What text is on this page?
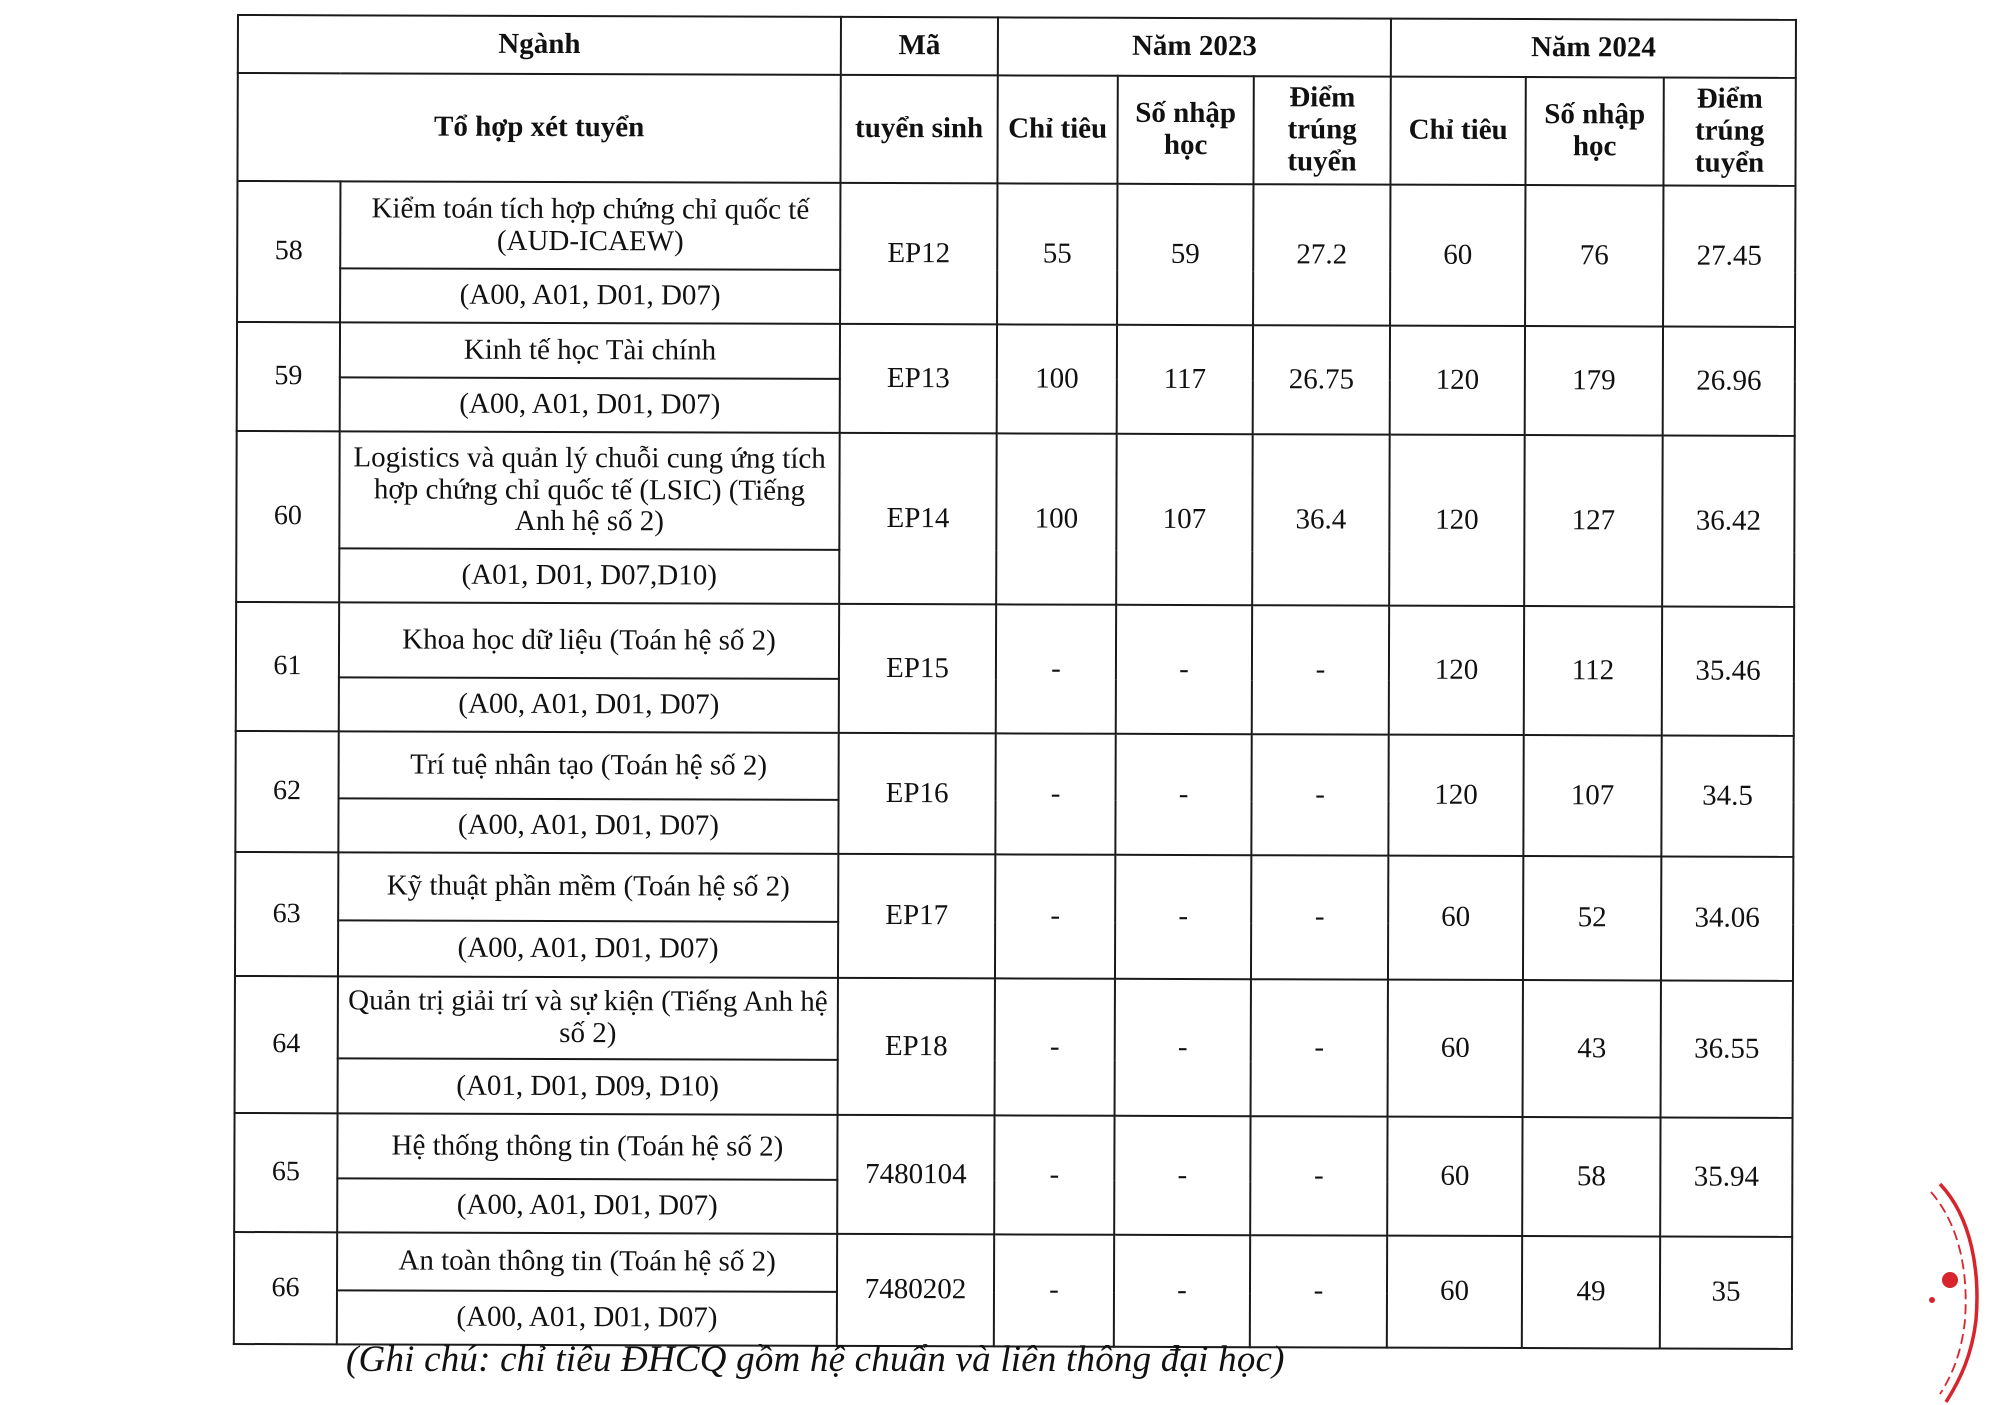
Ngành		Mã	Năm 2023			Năm 2024		
Tổ hợp xét tuyển		tuyển sinh	Chỉ tiêu	Số nhập học	Điểm trúng tuyển	Chỉ tiêu	Số nhập học	Điểm trúng tuyển
58	Kiểm toán tích hợp chứng chỉ quốc tế (AUD-ICAEW)	EP12	55	59	27.2	60	76	27.45
	(A00, A01, D01, D07)							
59	Kinh tế học Tài chính	EP13	100	117	26.75	120	179	26.96
	(A00, A01, D01, D07)							
60	Logistics và quản lý chuỗi cung ứng tích hợp chứng chỉ quốc tế (LSIC) (Tiếng Anh hệ số 2)	EP14	100	107	36.4	120	127	36.42
	(A01, D01, D07,D10)							
61	Khoa học dữ liệu (Toán hệ số 2)	EP15	-	-	-	120	112	35.46
	(A00, A01, D01, D07)							
62	Trí tuệ nhân tạo (Toán hệ số 2)	EP16	-	-	-	120	107	34.5
	(A00, A01, D01, D07)							
63	Kỹ thuật phần mềm (Toán hệ số 2)	EP17	-	-	-	60	52	34.06
	(A00, A01, D01, D07)							
64	Quản trị giải trí và sự kiện (Tiếng Anh hệ số 2)	EP18	-	-	-	60	43	36.55
	(A01, D01, D09, D10)							
65	Hệ thống thông tin (Toán hệ số 2)	7480104	-	-	-	60	58	35.94
	(A00, A01, D01, D07)							
66	An toàn thông tin (Toán hệ số 2)	7480202	-	-	-	60	49	35
	(A00, A01, D01, D07)							
(Ghi chú: chỉ tiêu ĐHCQ gồm hệ chuẩn và liên thông đại học)
